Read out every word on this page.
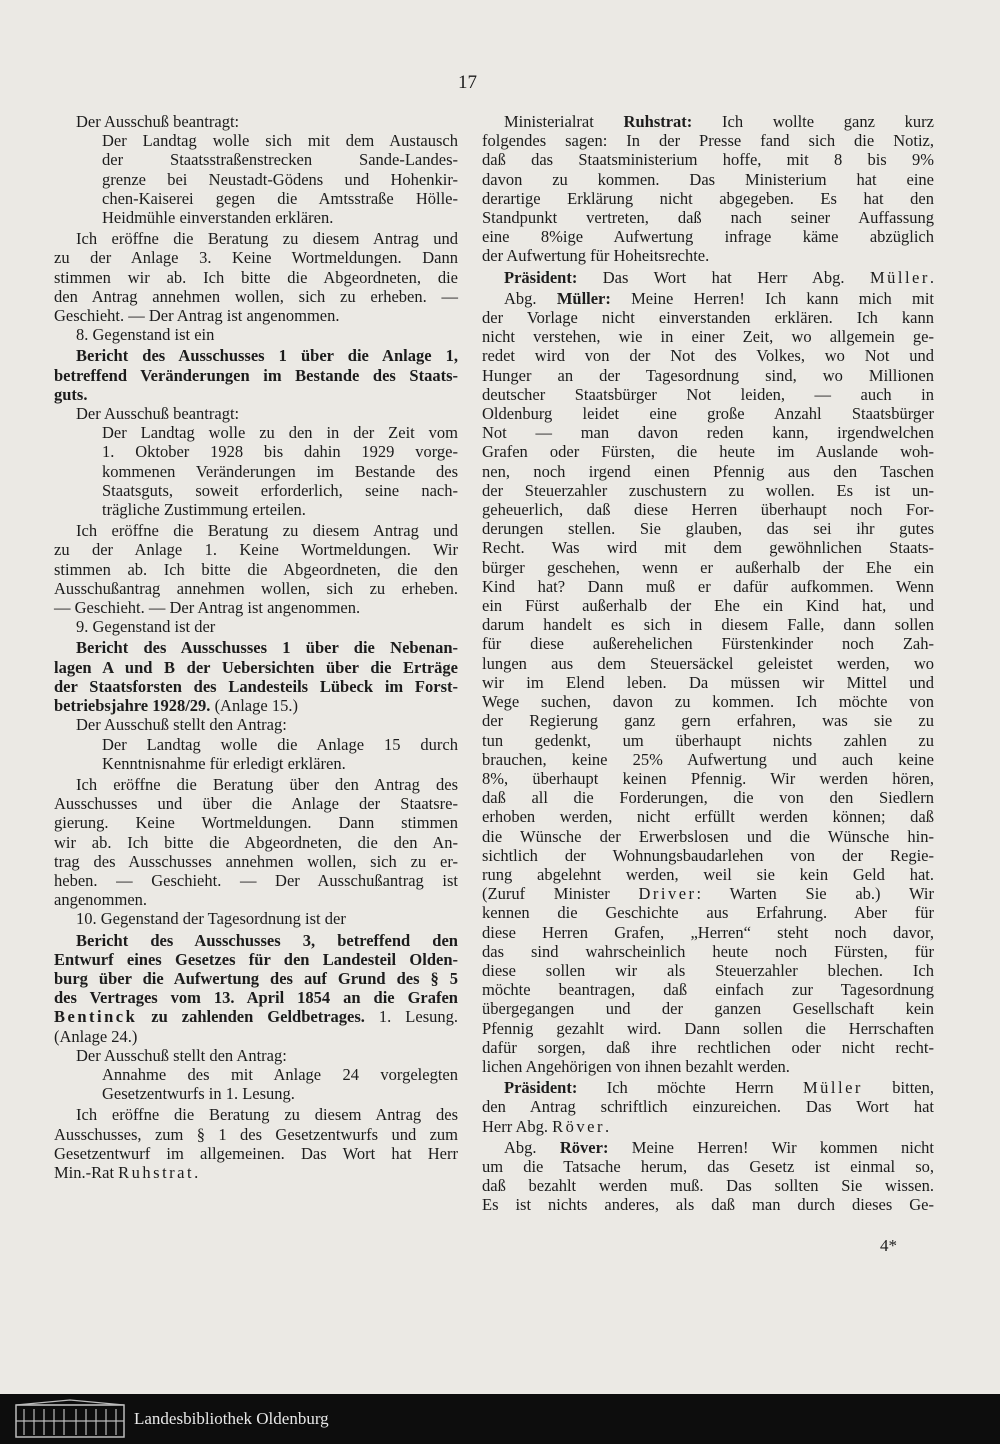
17
Der Ausschuß beantragt:
Der Landtag wolle sich mit dem Austausch
der Staatsstraßenstrecken Sande-Landes-
grenze bei Neustadt-Gödens und Hohenkir-
chen-Kaiserei gegen die Amtsstraße Hölle-
Heidmühle einverstanden erklären.
Ich eröffne die Beratung zu diesem Antrag und
zu der Anlage 3. Keine Wortmeldungen. Dann
stimmen wir ab. Ich bitte die Abgeordneten, die
den Antrag annehmen wollen, sich zu erheben. —
Geschieht. — Der Antrag ist angenommen.
8. Gegenstand ist ein
Bericht des Ausschusses 1 über die Anlage 1,
betreffend Veränderungen im Bestande des Staats-
guts.
Der Ausschuß beantragt:
Der Landtag wolle zu den in der Zeit vom
1. Oktober 1928 bis dahin 1929 vorge-
kommenen Veränderungen im Bestande des
Staatsguts, soweit erforderlich, seine nach-
trägliche Zustimmung erteilen.
Ich eröffne die Beratung zu diesem Antrag und
zu der Anlage 1. Keine Wortmeldungen. Wir
stimmen ab. Ich bitte die Abgeordneten, die den
Ausschußantrag annehmen wollen, sich zu erheben.
— Geschieht. — Der Antrag ist angenommen.
9. Gegenstand ist der
Bericht des Ausschusses 1 über die Nebenan-
lagen A und B der Uebersichten über die Erträge
der Staatsforsten des Landesteils Lübeck im Forst-
betriebsjahre 1928/29. (Anlage 15.)
Der Ausschuß stellt den Antrag:
Der Landtag wolle die Anlage 15 durch
Kenntnisnahme für erledigt erklären.
Ich eröffne die Beratung über den Antrag des
Ausschusses und über die Anlage der Staatsre-
gierung. Keine Wortmeldungen. Dann stimmen
wir ab. Ich bitte die Abgeordneten, die den An-
trag des Ausschusses annehmen wollen, sich zu er-
heben. — Geschieht. — Der Ausschußantrag ist
angenommen.
10. Gegenstand der Tagesordnung ist der
Bericht des Ausschusses 3, betreffend den
Entwurf eines Gesetzes für den Landesteil Olden-
burg über die Aufwertung des auf Grund des § 5
des Vertrages vom 13. April 1854 an die Grafen
Bentinck zu zahlenden Geldbetrages. 1. Lesung.
(Anlage 24.)
Der Ausschuß stellt den Antrag:
Annahme des mit Anlage 24 vorgelegten
Gesetzentwurfs in 1. Lesung.
Ich eröffne die Beratung zu diesem Antrag des
Ausschusses, zum § 1 des Gesetzentwurfs und zum
Gesetzentwurf im allgemeinen. Das Wort hat Herr
Min.-Rat Ruhstrat.
Ministerialrat Ruhstrat: Ich wollte ganz kurz
folgendes sagen: In der Presse fand sich die Notiz,
daß das Staatsministerium hoffe, mit 8 bis 9%
davon zu kommen. Das Ministerium hat eine
derartige Erklärung nicht abgegeben. Es hat den
Standpunkt vertreten, daß nach seiner Auffassung
eine 8%ige Aufwertung infrage käme abzüglich
der Aufwertung für Hoheitsrechte.
Präsident: Das Wort hat Herr Abg. Müller.
Abg. Müller: Meine Herren! Ich kann mich mit
der Vorlage nicht einverstanden erklären. Ich kann
nicht verstehen, wie in einer Zeit, wo allgemein ge-
redet wird von der Not des Volkes, wo Not und
Hunger an der Tagesordnung sind, wo Millionen
deutscher Staatsbürger Not leiden, — auch in
Oldenburg leidet eine große Anzahl Staatsbürger
Not — man davon reden kann, irgendwelchen
Grafen oder Fürsten, die heute im Auslande woh-
nen, noch irgend einen Pfennig aus den Taschen
der Steuerzahler zuschustern zu wollen. Es ist un-
geheuerlich, daß diese Herren überhaupt noch For-
derungen stellen. Sie glauben, das sei ihr gutes
Recht. Was wird mit dem gewöhnlichen Staats-
bürger geschehen, wenn er außerhalb der Ehe ein
Kind hat? Dann muß er dafür aufkommen. Wenn
ein Fürst außerhalb der Ehe ein Kind hat, und
darum handelt es sich in diesem Falle, dann sollen
für diese außerehelichen Fürstenkinder noch Zah-
lungen aus dem Steuersäckel geleistet werden, wo
wir im Elend leben. Da müssen wir Mittel und
Wege suchen, davon zu kommen. Ich möchte von
der Regierung ganz gern erfahren, was sie zu
tun gedenkt, um überhaupt nichts zahlen zu
brauchen, keine 25% Aufwertung und auch keine
8%, überhaupt keinen Pfennig. Wir werden hören,
daß all die Forderungen, die von den Siedlern
erhoben werden, nicht erfüllt werden können; daß
die Wünsche der Erwerbslosen und die Wünsche hin-
sichtlich der Wohnungsbaudarlehen von der Regie-
rung abgelehnt werden, weil sie kein Geld hat.
(Zuruf Minister Driver: Warten Sie ab.) Wir
kennen die Geschichte aus Erfahrung. Aber für
diese Herren Grafen, „Herren“ steht noch davor,
das sind wahrscheinlich heute noch Fürsten, für
diese sollen wir als Steuerzahler blechen. Ich
möchte beantragen, daß einfach zur Tagesordnung
übergegangen und der ganzen Gesellschaft kein
Pfennig gezahlt wird. Dann sollen die Herrschaften
dafür sorgen, daß ihre rechtlichen oder nicht recht-
lichen Angehörigen von ihnen bezahlt werden.
Präsident: Ich möchte Herrn Müller bitten,
den Antrag schriftlich einzureichen. Das Wort hat
Herr Abg. Röver.
Abg. Röver: Meine Herren! Wir kommen nicht
um die Tatsache herum, das Gesetz ist einmal so,
daß bezahlt werden muß. Das sollten Sie wissen.
Es ist nichts anderes, als daß man durch dieses Ge-
4*
Landesbibliothek Oldenburg
